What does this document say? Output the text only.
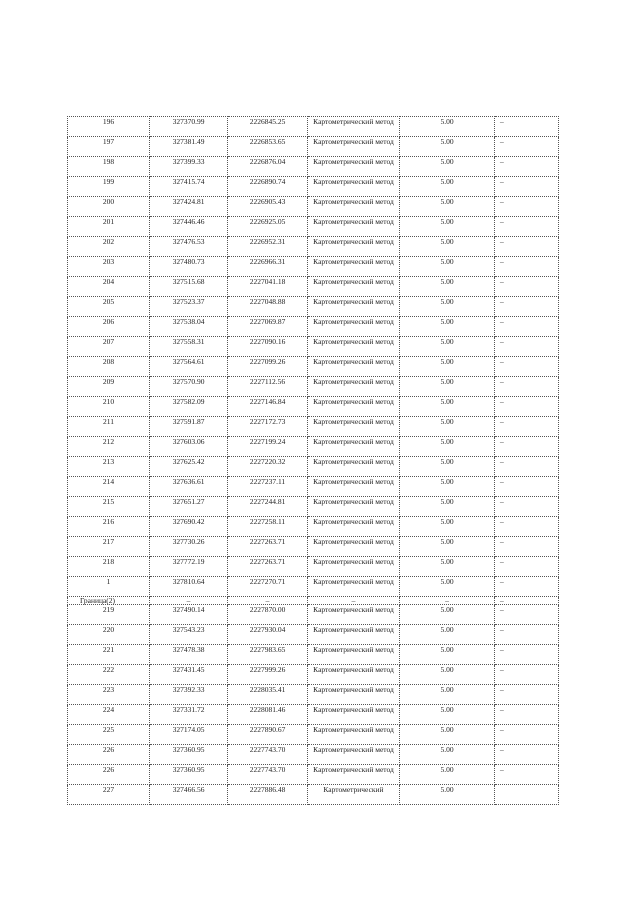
196	327370.99	2226845.25	Картометрический метод	5.00	–
197	327381.49	2226853.65	Картометрический метод	5.00	–
198	327399.33	2226876.04	Картометрический метод	5.00	–
199	327415.74	2226890.74	Картометрический метод	5.00	–
200	327424.81	2226905.43	Картометрический метод	5.00	–
201	327446.46	2226925.05	Картометрический метод	5.00	–
202	327476.53	2226952.31	Картометрический метод	5.00	–
203	327480.73	2226966.31	Картометрический метод	5.00	–
204	327515.68	2227041.18	Картометрический метод	5.00	–
205	327523.37	2227048.88	Картометрический метод	5.00	–
206	327538.04	2227069.87	Картометрический метод	5.00	–
207	327558.31	2227090.16	Картометрический метод	5.00	–
208	327564.61	2227099.26	Картометрический метод	5.00	–
209	327570.90	2227112.56	Картометрический метод	5.00	–
210	327582.09	2227146.84	Картометрический метод	5.00	–
211	327591.87	2227172.73	Картометрический метод	5.00	–
212	327603.06	2227199.24	Картометрический метод	5.00	–
213	327625.42	2227220.32	Картометрический метод	5.00	–
214	327636.61	2227237.11	Картометрический метод	5.00	–
215	327651.27	2227244.81	Картометрический метод	5.00	–
216	327690.42	2227258.11	Картометрический метод	5.00	–
217	327730.26	2227263.71	Картометрический метод	5.00	–
218	327772.19	2227263.71	Картометрический метод	5.00	–
1	327810.64	2227270.71	Картометрический метод	5.00	–
Граница(2)	–	–	–	–	–
219	327490.14	2227870.00	Картометрический метод	5.00	–
220	327543.23	2227930.04	Картометрический метод	5.00	–
221	327478.38	2227983.65	Картометрический метод	5.00	–
222	327431.45	2227999.26	Картометрический метод	5.00	–
223	327392.33	2228035.41	Картометрический метод	5.00	–
224	327331.72	2228081.46	Картометрический метод	5.00	–
225	327174.05	2227890.67	Картометрический метод	5.00	–
226	327360.95	2227743.70	Картометрический метод	5.00	–
226	327360.95	2227743.70	Картометрический метод	5.00	–
227	327466.56	2227886.48	Картометрический	5.00	
